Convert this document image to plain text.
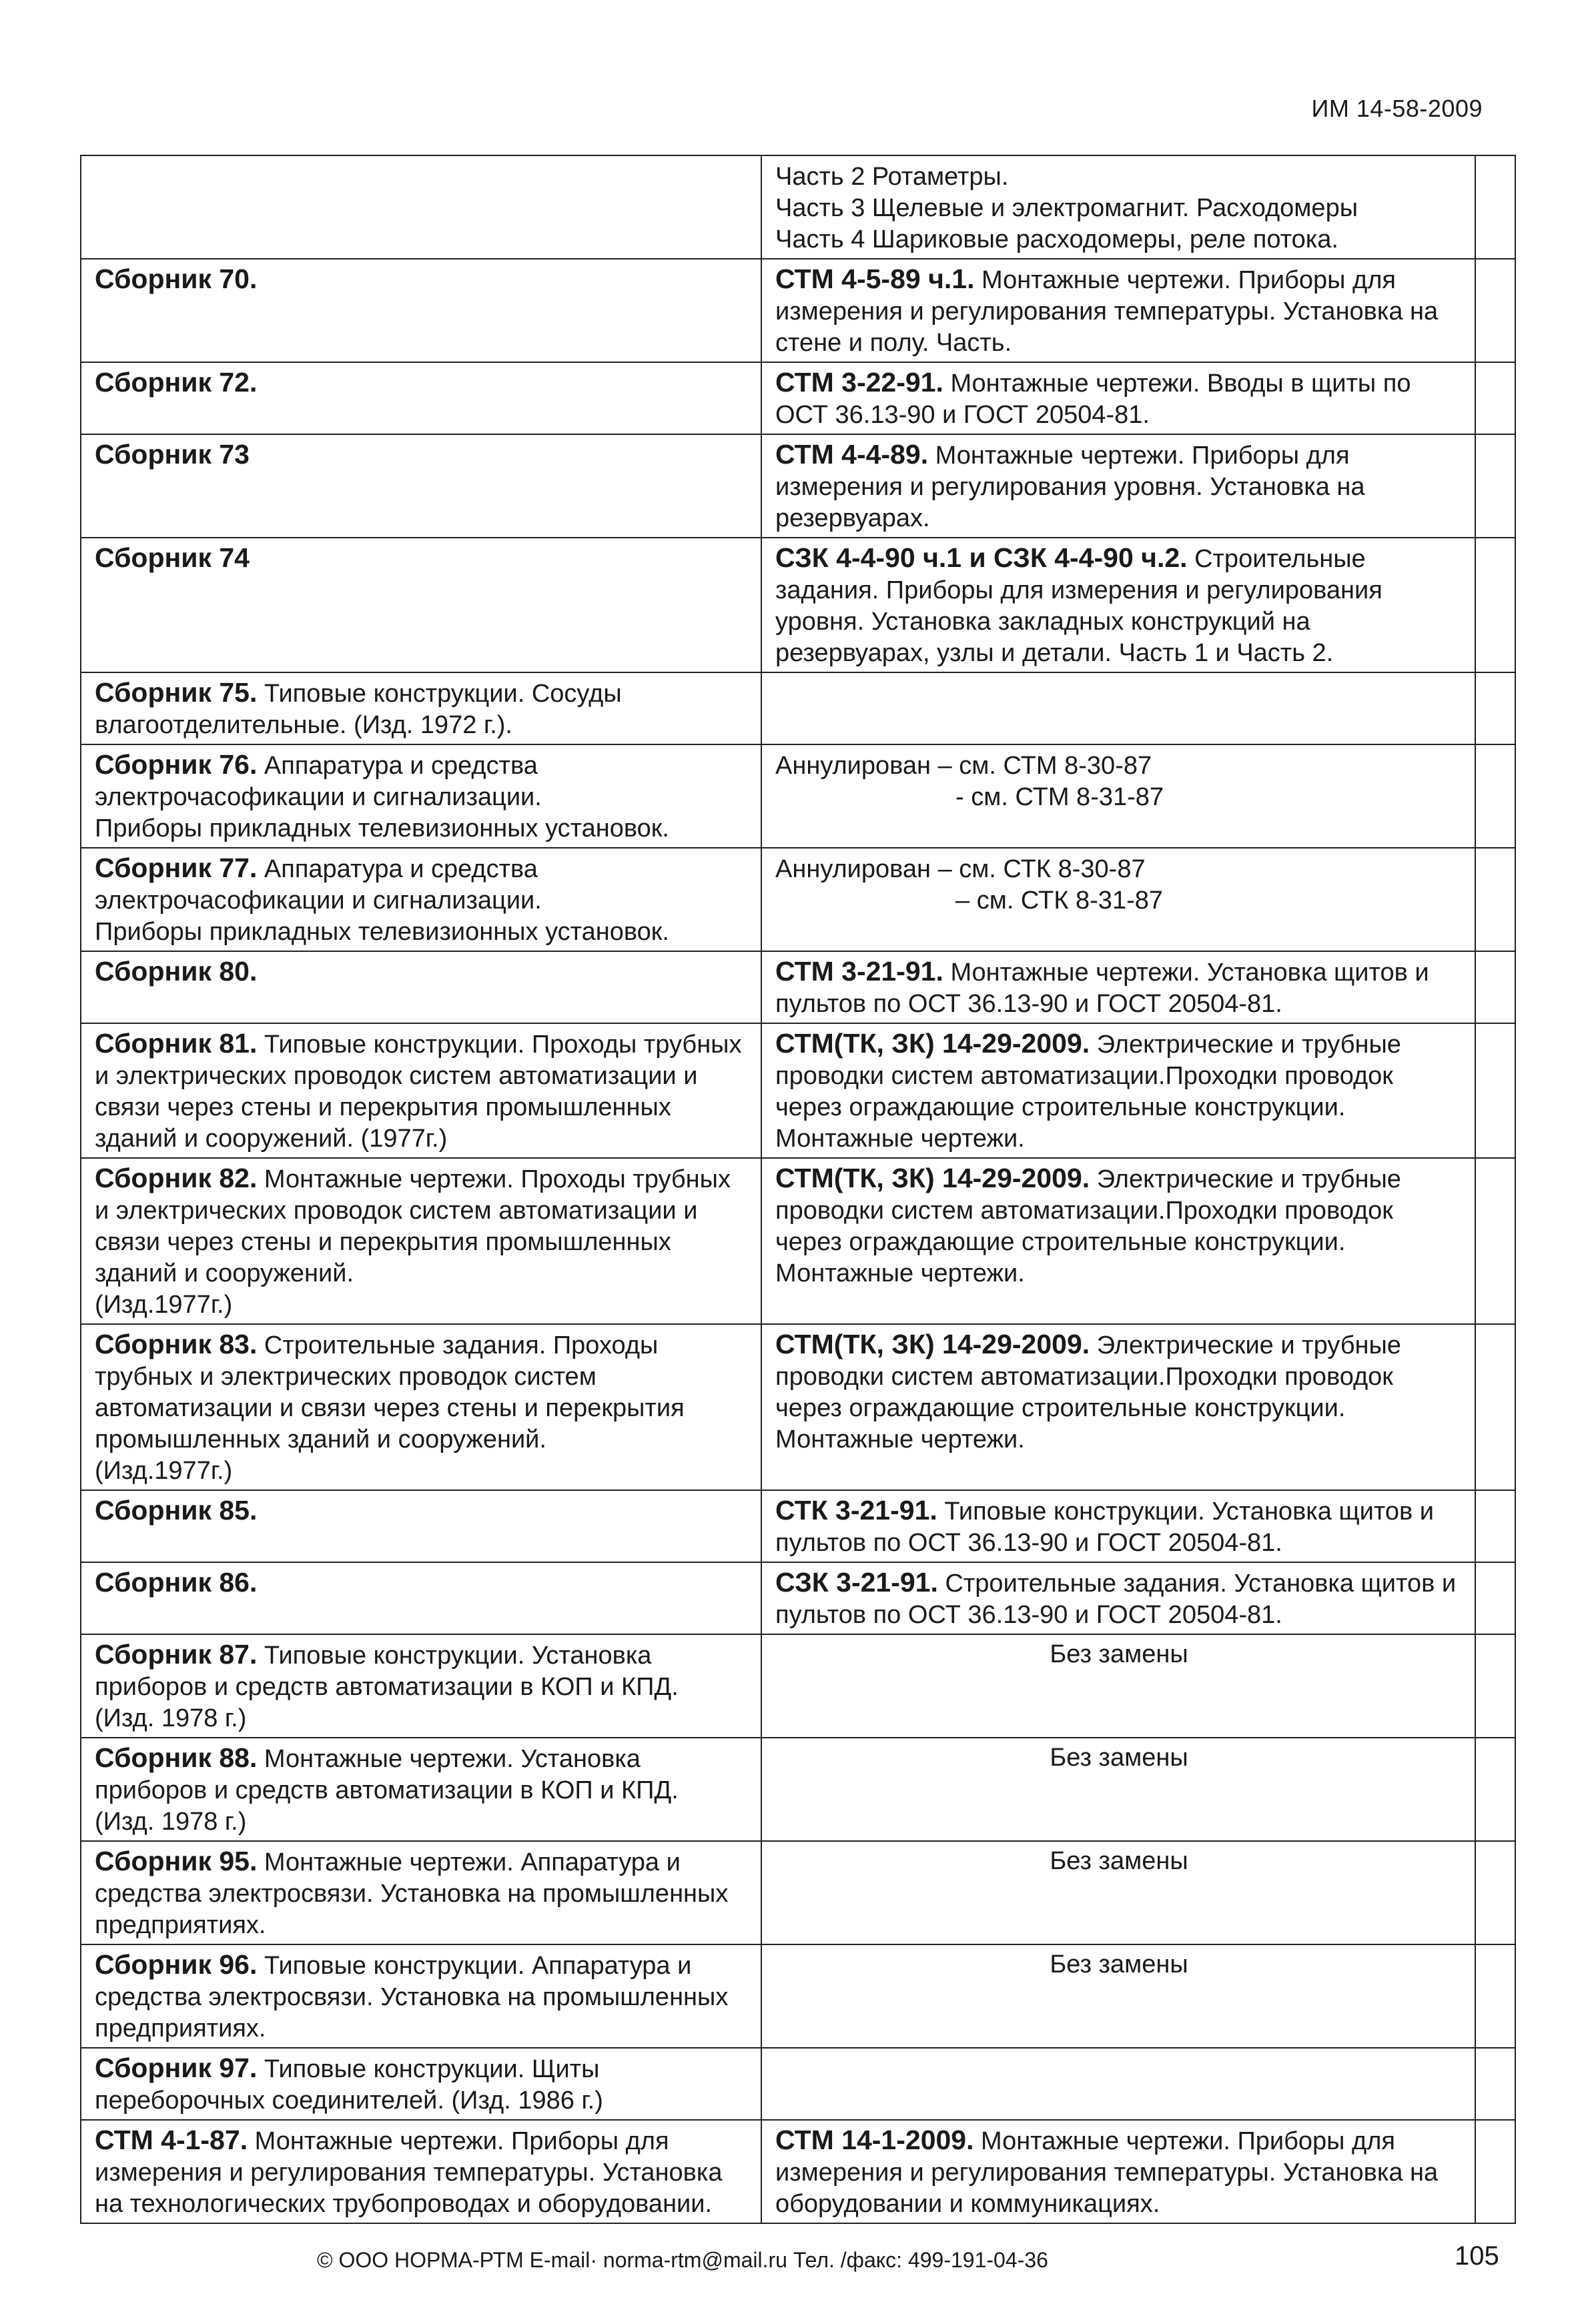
ИМ 14-58-2009
	Часть 2 Ротаметры.
Часть 3 Щелевые и электромагнит. Расходомеры
Часть 4 Шариковые расходомеры, реле потока.	
Сборник 70.	СТМ 4-5-89 ч.1. Монтажные чертежи. Приборы для измерения и регулирования температуры. Установка на стене и полу. Часть.	
Сборник 72.	СТМ 3-22-91. Монтажные чертежи. Вводы в щиты по ОСТ 36.13-90 и ГОСТ 20504-81.	
Сборник 73	СТМ 4-4-89. Монтажные чертежи. Приборы для измерения и регулирования уровня. Установка на резервуарах.	
Сборник 74	СЗК 4-4-90 ч.1 и СЗК 4-4-90 ч.2. Строительные задания. Приборы для измерения и регулирования уровня. Установка закладных конструкций на резервуарах, узлы и детали. Часть 1 и Часть 2.	
Сборник 75. Типовые конструкции. Сосуды влагоотделительные. (Изд. 1972 г.).		
Сборник 76. Аппаратура и средства электрочасофикации и сигнализации.
Приборы прикладных телевизионных установок.	Аннулирован – см. СТМ 8-30-87
- см. СТМ 8-31-87	

Сборник 77. Аппаратура и средства электрочасофикации и сигнализации.
Приборы прикладных телевизионных установок.	Аннулирован – см. СТК 8-30-87
– см. СТК 8-31-87	

Сборник 80.	СТМ 3-21-91. Монтажные чертежи. Установка щитов и пультов по ОСТ 36.13-90 и ГОСТ 20504-81.	
Сборник 81. Типовые конструкции. Проходы трубных и электрических проводок систем автоматизации и связи через стены и перекрытия промышленных зданий и сооружений. (1977г.)	СТМ(ТК, ЗК) 14-29-2009. Электрические и трубные проводки систем автоматизации.Проходки проводок через ограждающие строительные конструкции. Монтажные чертежи.	
Сборник 82. Монтажные чертежи. Проходы трубных и электрических проводок систем автоматизации и связи через стены и перекрытия промышленных зданий и сооружений.
(Изд.1977г.)	СТМ(ТК, ЗК) 14-29-2009. Электрические и трубные проводки систем автоматизации.Проходки проводок через ограждающие строительные конструкции. Монтажные чертежи.	
Сборник 83. Строительные задания. Проходы трубных и электрических проводок систем автоматизации и связи через стены и перекрытия промышленных зданий и сооружений.
(Изд.1977г.)	СТМ(ТК, ЗК) 14-29-2009. Электрические и трубные проводки систем автоматизации.Проходки проводок через ограждающие строительные конструкции. Монтажные чертежи.	
Сборник 85.	СТК 3-21-91. Типовые конструкции. Установка щитов и пультов по ОСТ 36.13-90 и ГОСТ 20504-81.	
Сборник 86.	СЗК 3-21-91. Строительные задания. Установка щитов и пультов по ОСТ 36.13-90 и ГОСТ 20504-81.	
Сборник 87. Типовые конструкции. Установка приборов и средств автоматизации в КОП и КПД.
(Изд. 1978 г.)	Без замены	

Сборник 88. Монтажные чертежи. Установка приборов и средств автоматизации в КОП и КПД.
(Изд. 1978 г.)	Без замены	

Сборник 95. Монтажные чертежи. Аппаратура и средства электросвязи. Установка на промышленных предприятиях.	Без замены	

Сборник 96. Типовые конструкции. Аппаратура и средства электросвязи. Установка на промышленных предприятиях.	Без замены	

Сборник 97. Типовые конструкции. Щиты переборочных соединителей. (Изд. 1986 г.)		
СТМ 4-1-87. Монтажные чертежи. Приборы для измерения и регулирования температуры. Установка на технологических трубопроводах и оборудовании.	СТМ 14-1-2009. Монтажные чертежи. Приборы для измерения и регулирования температуры. Установка на оборудовании и коммуникациях.	
© ООО НОРМА-РТМ E-mail· norma-rtm@mail.ru Тел. /факс: 499-191-04-36	105
